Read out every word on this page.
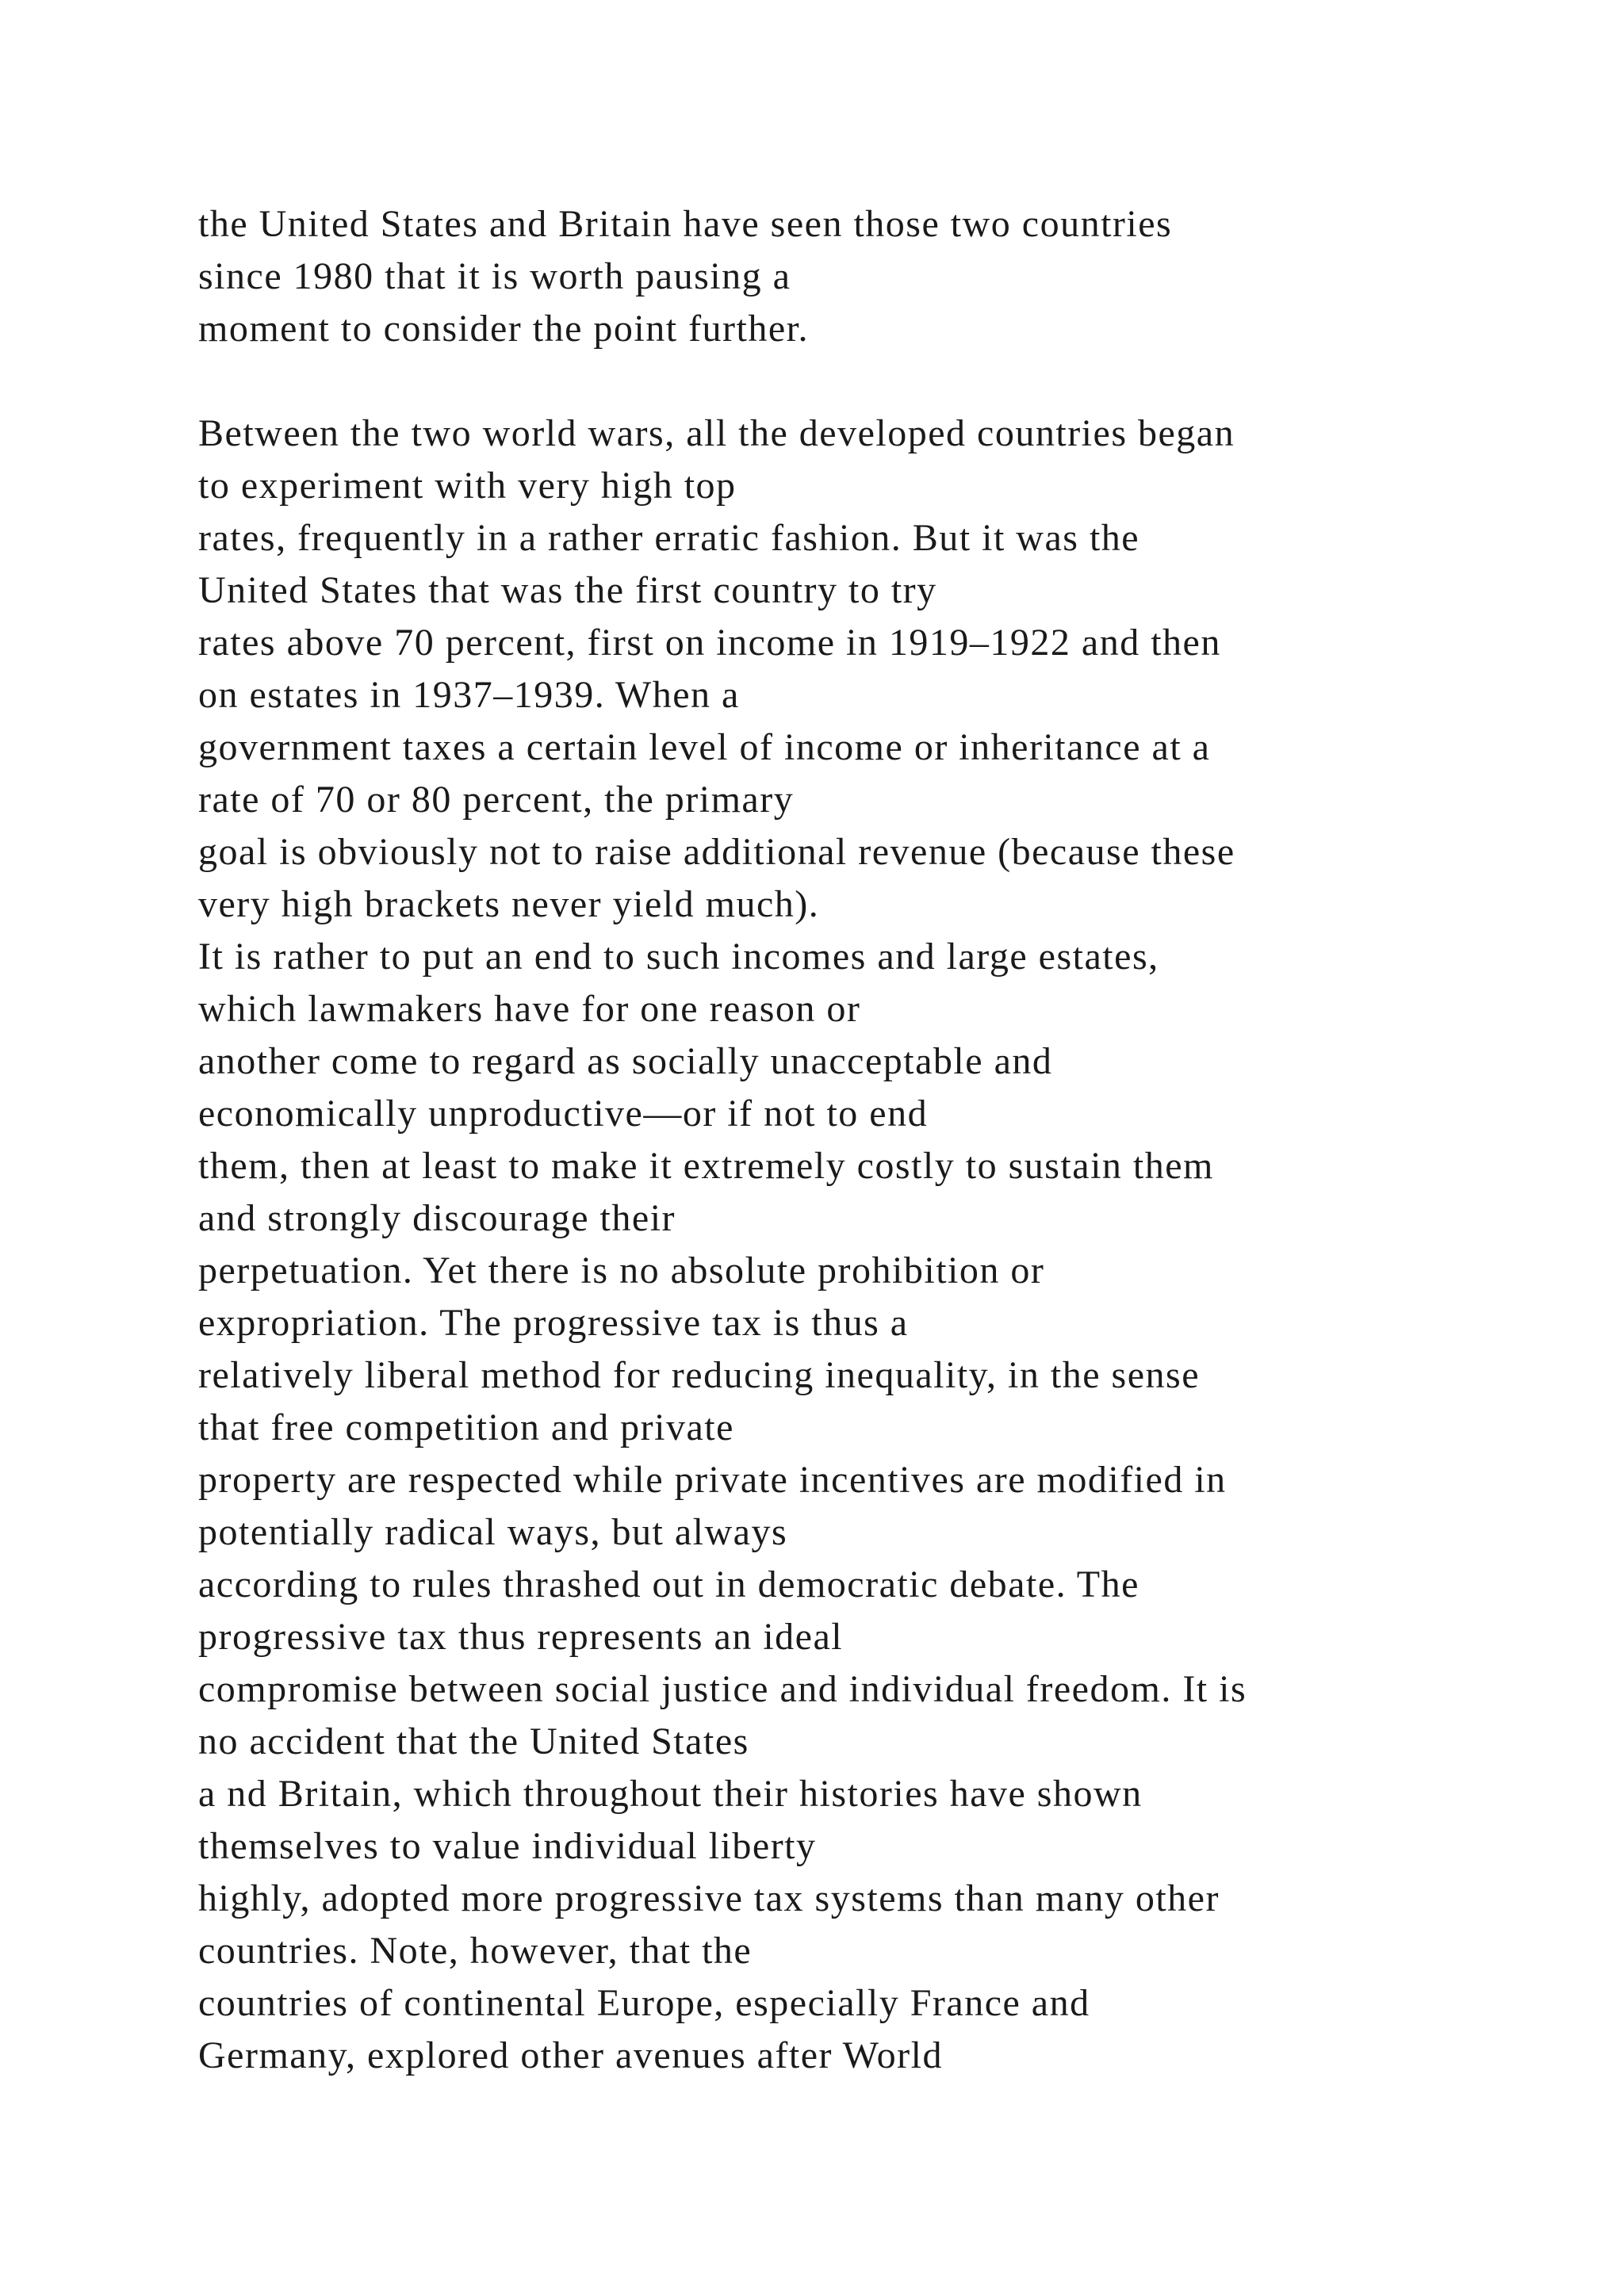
the United States and Britain have seen those two countries
since 1980 that it is worth pausing a
moment to consider the point further.
Between the two world wars, all the developed countries began
to experiment with very high top
rates, frequently in a rather erratic fashion. But it was the
United States that was the first country to try
rates above 70 percent, first on income in 1919–1922 and then
on estates in 1937–1939. When a
government taxes a certain level of income or inheritance at a
rate of 70 or 80 percent, the primary
goal is obviously not to raise additional revenue (because these
very high brackets never yield much).
It is rather to put an end to such incomes and large estates,
which lawmakers have for one reason or
another come to regard as socially unacceptable and
economically unproductive—or if not to end
them, then at least to make it extremely costly to sustain them
and strongly discourage their
perpetuation. Yet there is no absolute prohibition or
expropriation. The progressive tax is thus a
relatively liberal method for reducing inequality, in the sense
that free competition and private
property are respected while private incentives are modified in
potentially radical ways, but always
according to rules thrashed out in democratic debate. The
progressive tax thus represents an ideal
compromise between social justice and individual freedom. It is
no accident that the United States
a nd Britain, which throughout their histories have shown
themselves to value individual liberty
highly, adopted more progressive tax systems than many other
countries. Note, however, that the
countries of continental Europe, especially France and
Germany, explored other avenues after World
